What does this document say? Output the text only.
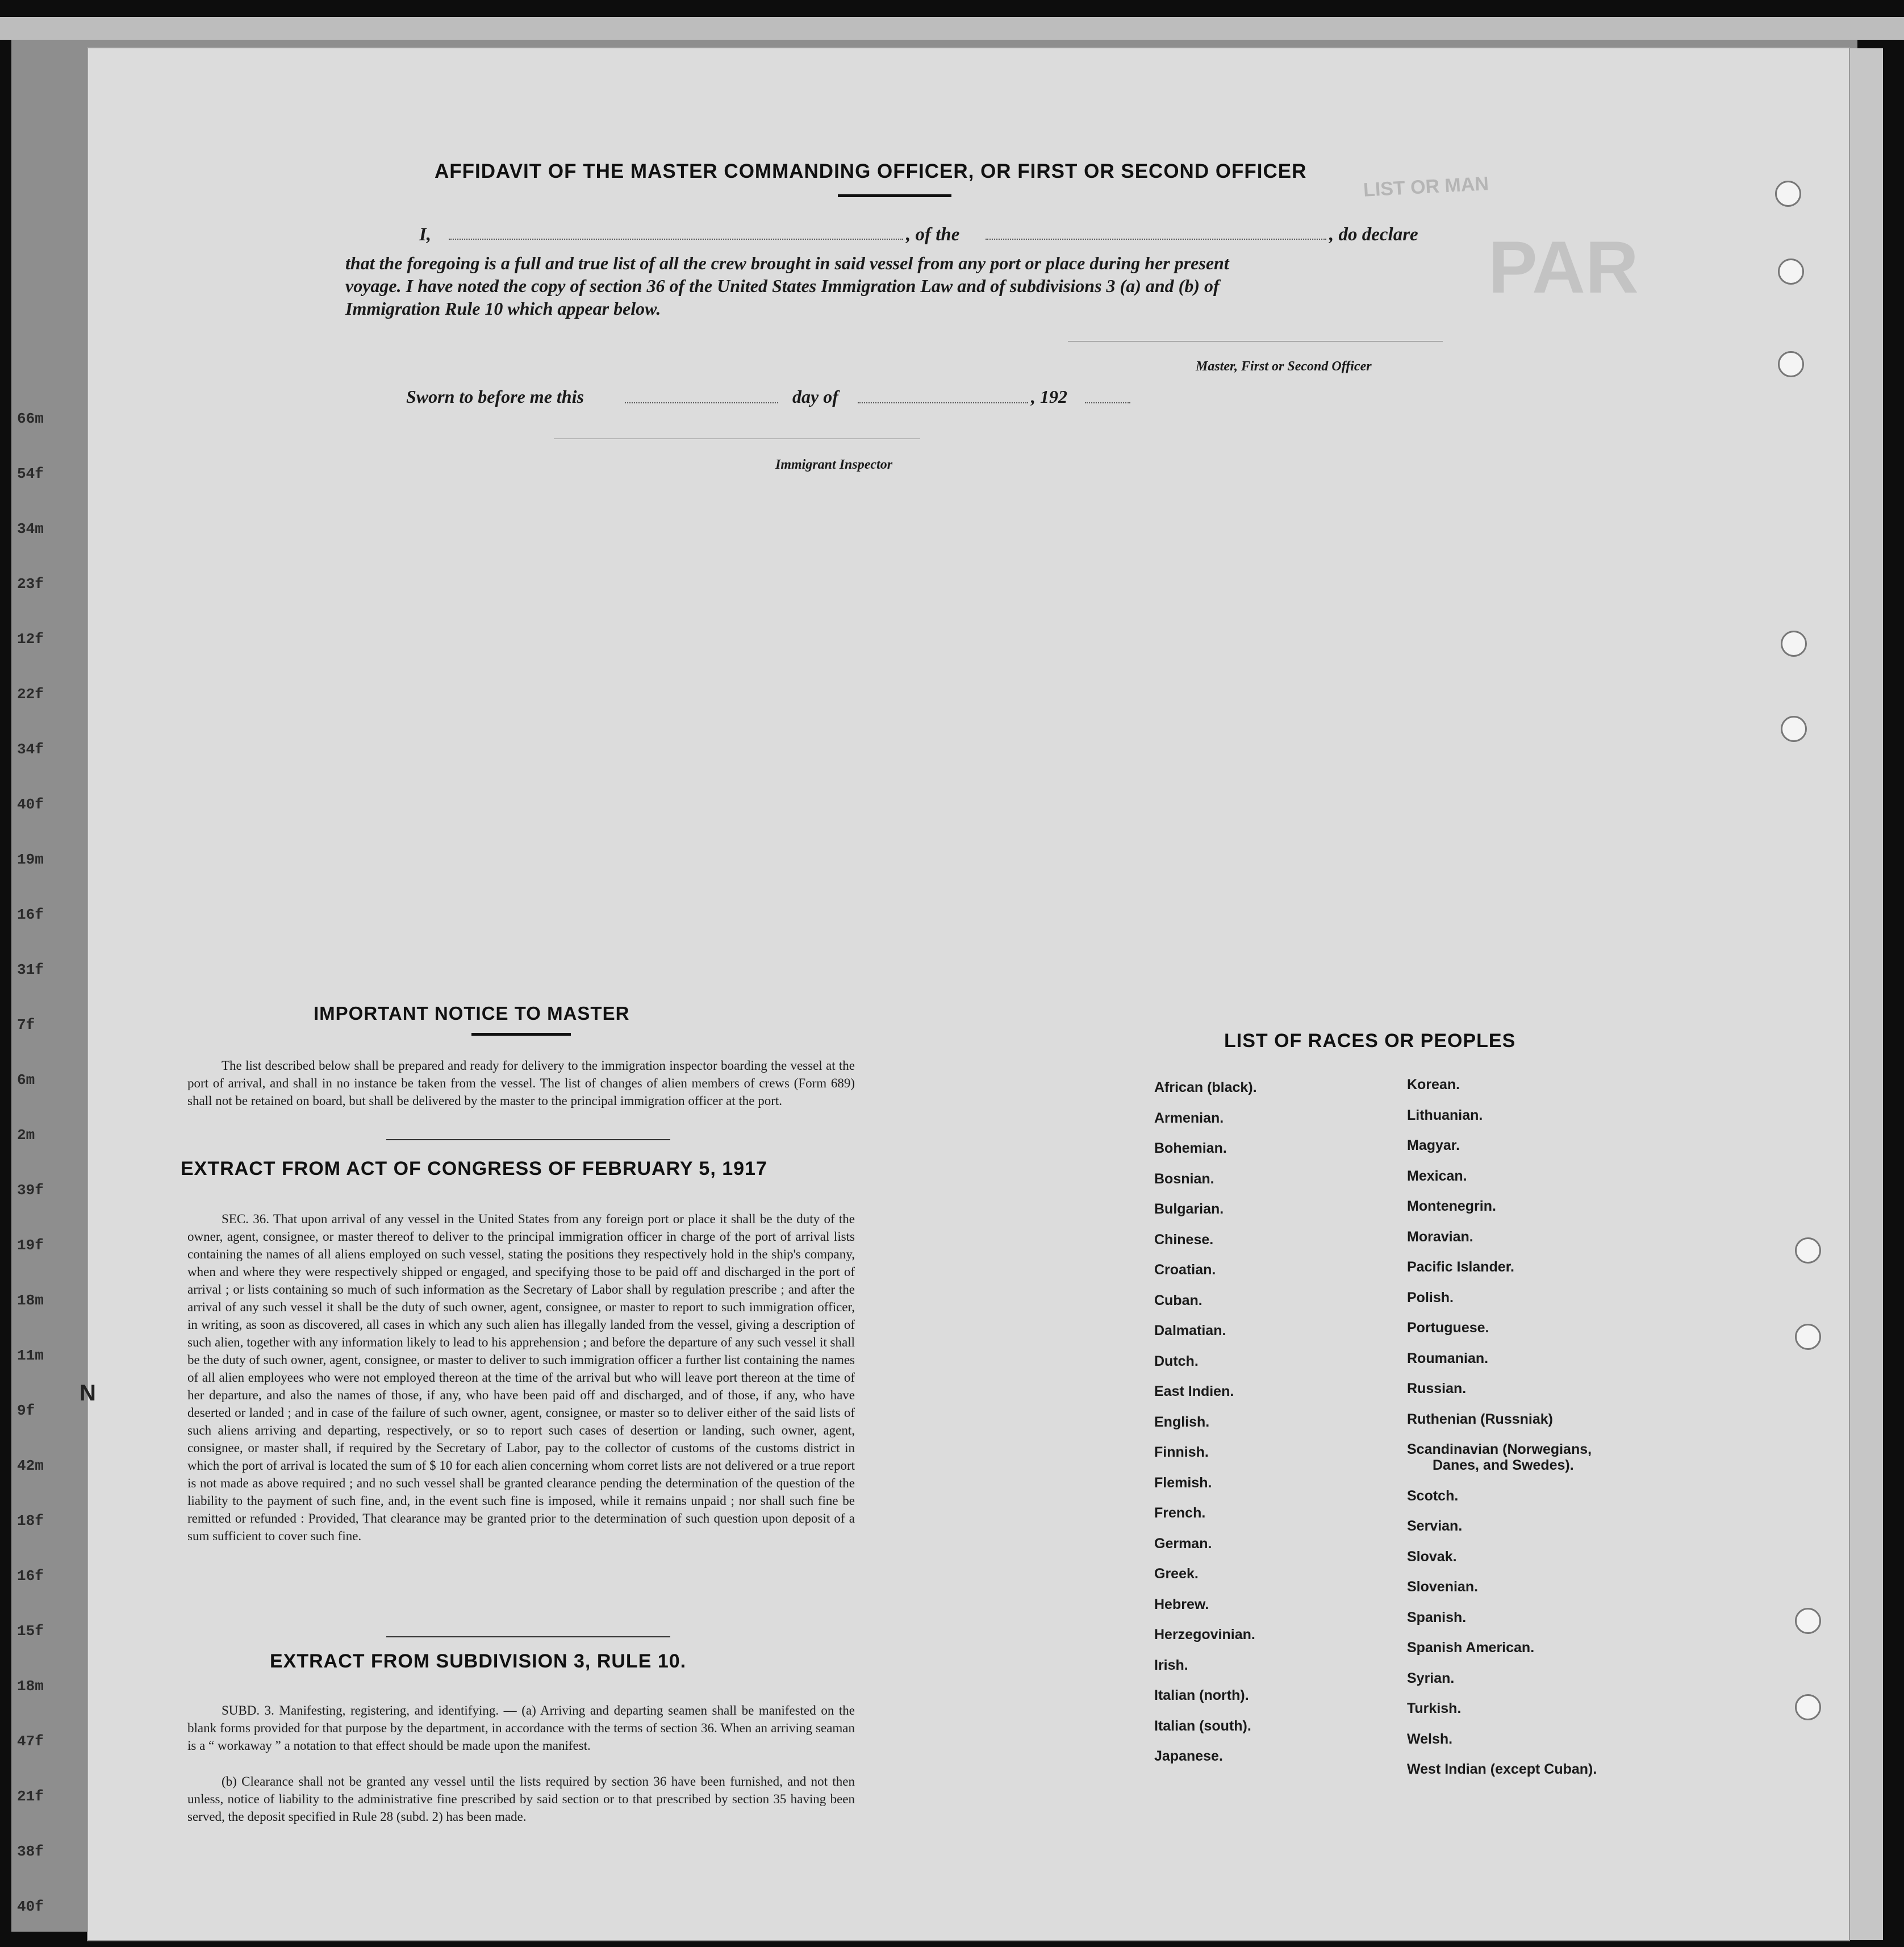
66m
54f
34m
23f
12f
22f
34f
40f
19m
16f
31f
7f
6m
2m
39f
19f
18m
11m
9f
42m
18f
16f
15f
18m
47f
21f
38f
40f
LIST OR MAN
PAR
N
AFFIDAVIT OF THE MASTER COMMANDING OFFICER, OR FIRST OR SECOND OFFICER
I,	, of the	, do declare
that the foregoing is a full and true list of all the crew brought in said vessel from any port or place during her present
voyage. I have noted the copy of section 36 of the United States Immigration Law and of subdivisions 3 (a) and (b) of
Immigration Rule 10 which appear below.
Master, First or Second Officer
Sworn to before me this	day of	, 192
Immigrant Inspector
IMPORTANT NOTICE TO MASTER
The list described below shall be prepared and ready for delivery to the immigration inspector boarding the vessel at the port of arrival, and shall in no instance be taken from the vessel. The list of changes of alien members of crews (Form 689) shall not be retained on board, but shall be delivered by the master to the principal immigration officer at the port.
EXTRACT FROM ACT OF CONGRESS OF FEBRUARY 5, 1917
SEC. 36. That upon arrival of any vessel in the United States from any foreign port or place it shall be the duty of the owner, agent, consignee, or master thereof to deliver to the principal immigration officer in charge of the port of arrival lists containing the names of all aliens employed on such vessel, stating the positions they respectively hold in the ship's company, when and where they were respectively shipped or engaged, and specifying those to be paid off and discharged in the port of arrival ; or lists containing so much of such information as the Secretary of Labor shall by regulation prescribe ; and after the arrival of any such vessel it shall be the duty of such owner, agent, consignee, or master to report to such immigration officer, in writing, as soon as discovered, all cases in which any such alien has illegally landed from the vessel, giving a description of such alien, together with any information likely to lead to his apprehension ; and before the departure of any such vessel it shall be the duty of such owner, agent, consignee, or master to deliver to such immigration officer a further list containing the names of all alien employees who were not employed thereon at the time of the arrival but who will leave port thereon at the time of her departure, and also the names of those, if any, who have been paid off and discharged, and of those, if any, who have deserted or landed ; and in case of the failure of such owner, agent, consignee, or master so to deliver either of the said lists of such aliens arriving and departing, respectively, or so to report such cases of desertion or landing, such owner, agent, consignee, or master shall, if required by the Secretary of Labor, pay to the collector of customs of the customs district in which the port of arrival is located the sum of $ 10 for each alien concerning whom corret lists are not delivered or a true report is not made as above required ; and no such vessel shall be granted clearance pending the determination of the question of the liability to the payment of such fine, and, in the event such fine is imposed, while it remains unpaid ; nor shall such fine be remitted or refunded : Provided, That clearance may be granted prior to the determination of such question upon deposit of a sum sufficient to cover such fine.
EXTRACT FROM SUBDIVISION 3, RULE 10.
SUBD. 3. Manifesting, registering, and identifying. — (a) Arriving and departing seamen shall be manifested on the blank forms provided for that purpose by the department, in accordance with the terms of section 36. When an arriving seaman is a “ workaway ” a notation to that effect should be made upon the manifest.
(b) Clearance shall not be granted any vessel until the lists required by section 36 have been furnished, and not then unless, notice of liability to the administrative fine prescribed by said section or to that prescribed by section 35 having been served, the deposit specified in Rule 28 (subd. 2) has been made.
LIST OF RACES OR PEOPLES
African (black).
Armenian.
Bohemian.
Bosnian.
Bulgarian.
Chinese.
Croatian.
Cuban.
Dalmatian.
Dutch.
East Indien.
English.
Finnish.
Flemish.
French.
German.
Greek.
Hebrew.
Herzegovinian.
Irish.
Italian (north).
Italian (south).
Japanese.
Korean.
Lithuanian.
Magyar.
Mexican.
Montenegrin.
Moravian.
Pacific Islander.
Polish.
Portuguese.
Roumanian.
Russian.
Ruthenian (Russniak)
Scandinavian (Norwegians,
Danes, and Swedes).
Scotch.
Servian.
Slovak.
Slovenian.
Spanish.
Spanish American.
Syrian.
Turkish.
Welsh.
West Indian (except Cuban).
